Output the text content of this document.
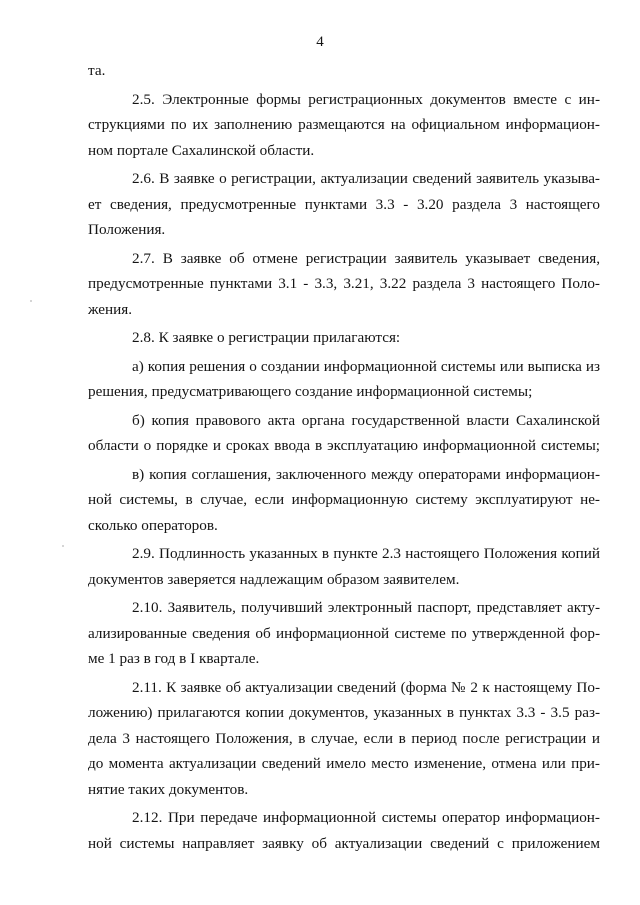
4
та.
2.5. Электронные формы регистрационных документов вместе с ин-
струкциями по их заполнению размещаются на официальном информацион-
ном портале Сахалинской области.
2.6. В заявке о регистрации, актуализации сведений заявитель указыва-
ет сведения, предусмотренные пунктами 3.3 - 3.20 раздела 3 настоящего
Положения.
2.7. В заявке об отмене регистрации заявитель указывает сведения,
предусмотренные пунктами 3.1 - 3.3, 3.21, 3.22 раздела 3 настоящего Поло-
жения.
2.8. К заявке о регистрации прилагаются:
а) копия решения о создании информационной системы или выписка из
решения, предусматривающего создание информационной системы;
б) копия правового акта органа государственной власти Сахалинской
области о порядке и сроках ввода в эксплуатацию информационной системы;
в) копия соглашения, заключенного между операторами информацион-
ной системы, в случае, если информационную систему эксплуатируют не-
сколько операторов.
2.9. Подлинность указанных в пункте 2.3 настоящего Положения копий
документов заверяется надлежащим образом заявителем.
2.10. Заявитель, получивший электронный паспорт, представляет акту-
ализированные сведения об информационной системе по утвержденной фор-
ме 1 раз в год в I квартале.
2.11. К заявке об актуализации сведений (форма № 2 к настоящему По-
ложению) прилагаются копии документов, указанных в пунктах 3.3 - 3.5 раз-
дела 3 настоящего Положения, в случае, если в период после регистрации и
до момента актуализации сведений имело место изменение, отмена или при-
нятие таких документов.
2.12. При передаче информационной системы оператор информацион-
ной системы направляет заявку об актуализации сведений с приложением
